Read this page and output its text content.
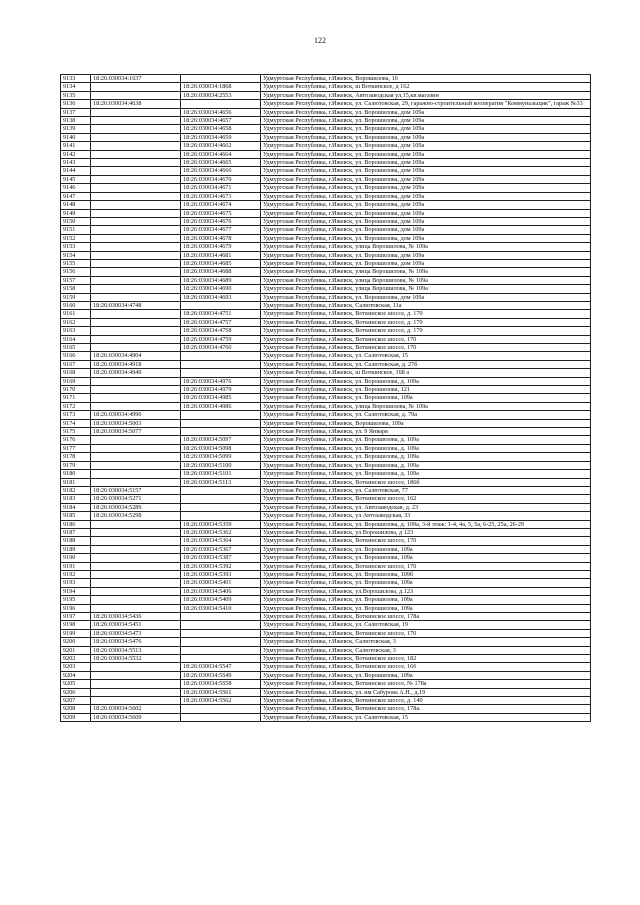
122
9133	18:26:030034:1637		Удмуртская Республика, г.Ижевск, Ворошилова, 16
9134		18:26:030034:1868	Удмуртская Республика, г.Ижевск, ш Воткинское, д 162
9135		18:26:030034:2553	Удмуртская Республика, г.Ижевск, Автозаводская ул,15,кв.магазин
9136	18:26:030034:4638		Удмуртская Республика, г.Ижевск, ул. Салютовская, 29, гаражно-строительный кооператив "Коммунальщик", гараж №33
9137		18:26:030034:4656	Удмуртская Республика, г.Ижевск, ул. Ворошилова, дом 109а
9138		18:26:030034:4657	Удмуртская Республика, г.Ижевск, ул. Ворошилова, дом 109а
9139		18:26:030034:4658	Удмуртская Республика, г.Ижевск, ул. Ворошилова, дом 109а
9140		18:26:030034:4659	Удмуртская Республика, г.Ижевск, ул. Ворошилова, дом 109а
9141		18:26:030034:4662	Удмуртская Республика, г.Ижевск, ул. Ворошилова, дом 109а
9142		18:26:030034:4664	Удмуртская Республика, г.Ижевск, ул. Ворошилова, дом 109а
9143		18:26:030034:4665	Удмуртская Республика, г.Ижевск, ул. Ворошилова, дом 109а
9144		18:26:030034:4666	Удмуртская Республика, г.Ижевск, ул. Ворошилова, дом 109а
9145		18:26:030034:4670	Удмуртская Республика, г.Ижевск, ул. Ворошилова, дом 109а
9146		18:26:030034:4671	Удмуртская Республика, г.Ижевск, ул. Ворошилова, дом 109а
9147		18:26:030034:4673	Удмуртская Республика, г.Ижевск, ул. Ворошилова, дом 109а
9148		18:26:030034:4674	Удмуртская Республика, г.Ижевск, ул. Ворошилова, дом 109а
9149		18:26:030034:4675	Удмуртская Республика, г.Ижевск, ул. Ворошилова, дом 109а
9150		18:26:030034:4676	Удмуртская Республика, г.Ижевск, ул. Ворошилова, дом 109а
9151		18:26:030034:4677	Удмуртская Республика, г.Ижевск, ул. Ворошилова, дом 109а
9152		18:26:030034:4678	Удмуртская Республика, г.Ижевск, ул. Ворошилова, дом 109а
9153		18:26:030034:4679	Удмуртская Республика, г.Ижевск, улица Ворошилова, № 109а
9154		18:26:030034:4681	Удмуртская Республика, г.Ижевск, ул. Ворошилова, дом 109а
9155		18:26:030034:4685	Удмуртская Республика, г.Ижевск, ул. Ворошилова, дом 109а
9156		18:26:030034:4688	Удмуртская Республика, г.Ижевск, улица Ворошилова, № 109а
9157		18:26:030034:4689	Удмуртская Республика, г.Ижевск, улица Ворошилова, № 109а
9158		18:26:030034:4690	Удмуртская Республика, г.Ижевск, улица Ворошилова, № 109а
9159		18:26:030034:4693	Удмуртская Республика, г.Ижевск, ул. Ворошилова, дом 109а
9160	18:26:030034:4748		Удмуртская Республика, г.Ижевск, Салютовская, 11а
9161		18:26:030034:4751	Удмуртская Республика, г.Ижевск, Воткинское шоссе, д. 170
9162		18:26:030034:4757	Удмуртская Республика, г.Ижевск, Воткинское шоссе, д. 170
9163		18:26:030034:4758	Удмуртская Республика, г.Ижевск, Воткинское шоссе, д. 170
9164		18:26:030034:4759	Удмуртская Республика, г.Ижевск, Воткинское шоссе, 170
9165		18:26:030034:4760	Удмуртская Республика, г.Ижевск, Воткинское шоссе, 170
9166	18:26:030034:4904		Удмуртская Республика, г.Ижевск, ул. Салютовская, 15
9167	18:26:030034:4918		Удмуртская Республика, г.Ижевск, ул. Салютовская, д. 27б
9168	18:26:030034:4949		Удмуртская Республика, г.Ижевск, ш Воткинское, 168 а
9169		18:26:030034:4976	Удмуртская Республика, г.Ижевск, ул. Ворошилова, д. 109а
9170		18:26:030034:4979	Удмуртская Республика, г.Ижевск, ул. Ворошилова, 121
9171		18:26:030034:4985	Удмуртская Республика, г.Ижевск, ул. Ворошилова, 109а
9172		18:26:030034:4986	Удмуртская Республика, г.Ижевск, улица Ворошилова, № 109а
9173	18:26:030034:4990		Удмуртская Республика, г.Ижевск, ул. Салютовская, д. 79а
9174	18:26:030034:5003		Удмуртская Республика, г.Ижевск, Ворошилова, 109а
9175	18:26:030034:5077		Удмуртская Республика, г.Ижевск, ул. 9 Января
9176		18:26:030034:5097	Удмуртская Республика, г.Ижевск, ул. Ворошилова, д. 109а
9177		18:26:030034:5098	Удмуртская Республика, г.Ижевск, ул. Ворошилова, д. 109а
9178		18:26:030034:5099	Удмуртская Республика, г.Ижевск, ул. Ворошилова, д. 109а
9179		18:26:030034:5100	Удмуртская Республика, г.Ижевск, ул. Ворошилова, д. 109а
9180		18:26:030034:5101	Удмуртская Республика, г.Ижевск, ул. Ворошилова, д. 109а
9181		18:26:030034:5113	Удмуртская Республика, г.Ижевск, Воткинское шоссе, 186б
9182	18:26:030034:5157		Удмуртская Республика, г.Ижевск, ул. Салютовская, 77
9183	18:26:030034:5271		Удмуртская Республика, г.Ижевск, Воткинское шоссе, 162
9184	18:26:030034:5289		Удмуртская Республика, г.Ижевск, ул. Автозаводская, д. 23
9185	18:26:030034:5298		Удмуртская Республика, г.Ижевск, ул Автозаводская, 33
9186		18:26:030034:5359	Удмуртская Республика, г.Ижевск, ул. Ворошилова, д. 109а, 3-й этаж: 1-4, 4а, 5, 5а, 6-25, 25а, 26-29
9187		18:26:030034:5362	Удмуртская Республика, г.Ижевск, ул Ворошилова, д 123
9188		18:26:030034:5364	Удмуртская Республика, г.Ижевск, Воткинское шоссе, 170
9189		18:26:030034:5367	Удмуртская Республика, г.Ижевск, ул. Ворошилова, 109а
9190		18:26:030034:5387	Удмуртская Республика, г.Ижевск, ул. Ворошилова, 109а
9191		18:26:030034:5392	Удмуртская Республика, г.Ижевск, Воткинское шоссе, 170
9192		18:26:030034:5393	Удмуртская Республика, г.Ижевск, ул. Ворошилова, 109б
9193		18:26:030034:5401	Удмуртская Республика, г.Ижевск, ул. Ворошилова, 109а
9194		18:26:030034:5406	Удмуртская Республика, г.Ижевск, ул.Ворошилова, д.123
9195		18:26:030034:5409	Удмуртская Республика, г.Ижевск, ул. Ворошилова, 109а
9196		18:26:030034:5410	Удмуртская Республика, г.Ижевск, ул. Ворошилова, 109а
9197	18:26:030034:5436		Удмуртская Республика, г.Ижевск, Воткинское шоссе, 178а
9198	18:26:030034:5451		Удмуртская Республика, г.Ижевск, ул. Салютовская, 19
9199	18:26:030034:5473		Удмуртская Республика, г.Ижевск, Воткинское шоссе, 170
9200	18:26:030034:5476		Удмуртская Республика, г.Ижевск, Салютовская, 3
9201	18:26:030034:5513		Удмуртская Республика, г.Ижевск, Салютовская, 3
9202	18:26:030034:5532		Удмуртская Республика, г.Ижевск, Воткинское шоссе, 182
9203		18:26:030034:5547	Удмуртская Республика, г.Ижевск, Воткинское шоссе, 166
9204		18:26:030034:5549	Удмуртская Республика, г.Ижевск, ул. Ворошилова, 109а
9205		18:26:030034:5558	Удмуртская Республика, г.Ижевск, Воткинское шоссе, № 178а
9206		18:26:030034:5561	Удмуртская Республика, г.Ижевск, ул. им Сабурова А.Н., д.19
9207		18:26:030034:5562	Удмуртская Республика, г.Ижевск, Воткинское шоссе, д. 140
9208	18:26:030034:5602		Удмуртская Республика, г.Ижевск, Воткинское шоссе, 178а.
9209	18:26:030034:5609		Удмуртская Республика, г.Ижевск, ул. Салютовская, 15
